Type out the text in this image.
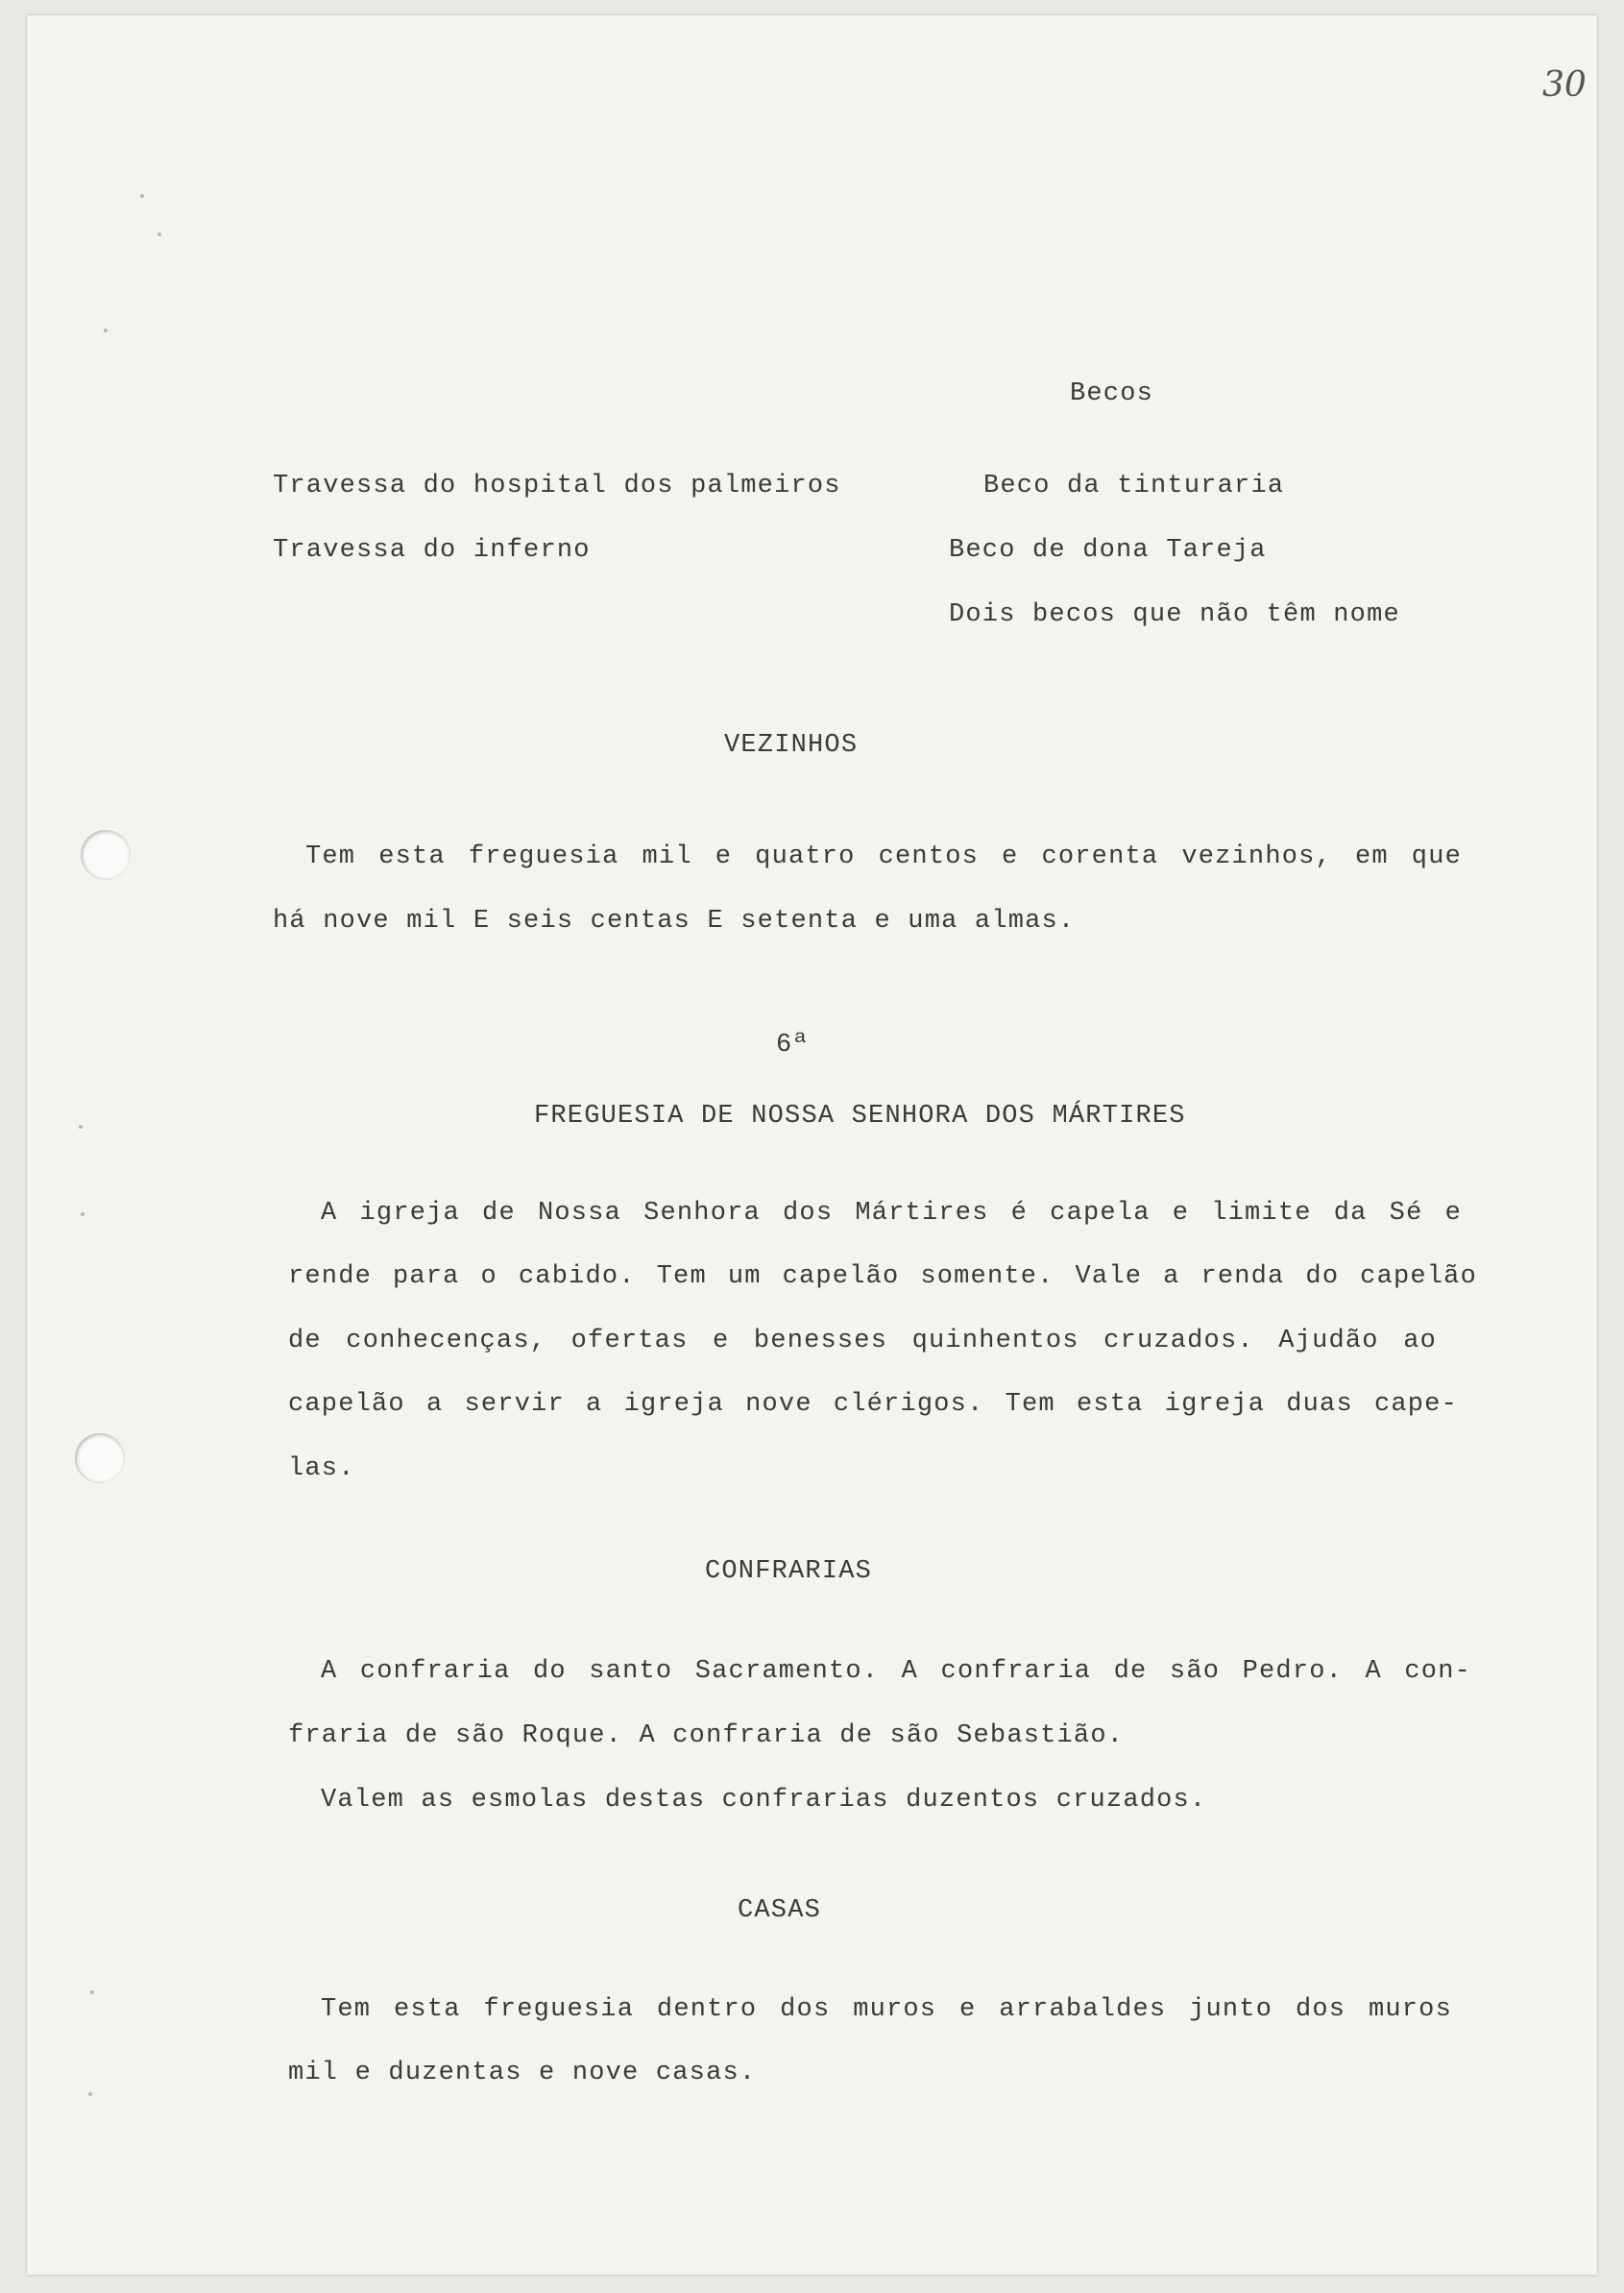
30
Becos
Travessa do hospital dos palmeiros
Travessa do inferno
Beco da tinturaria
Beco de dona Tareja
Dois becos que não têm nome
VEZINHOS
Tem esta freguesia mil e quatro centos e corenta vezinhos, em que
há nove mil E seis centas E setenta e uma almas.
6ª
FREGUESIA DE NOSSA SENHORA DOS MÁRTIRES
A igreja de Nossa Senhora dos Mártires é capela e limite da Sé e
rende para o cabido. Tem um capelão somente. Vale a renda do capelão
de conhecenças, ofertas e benesses quinhentos cruzados. Ajudão ao
capelão a servir a igreja nove clérigos. Tem esta igreja duas cape-
las.
CONFRARIAS
A confraria do santo Sacramento. A confraria de são Pedro. A con-
fraria de são Roque. A confraria de são Sebastião.
Valem as esmolas destas confrarias duzentos cruzados.
CASAS
Tem esta freguesia dentro dos muros e arrabaldes junto dos muros
mil e duzentas e nove casas.
